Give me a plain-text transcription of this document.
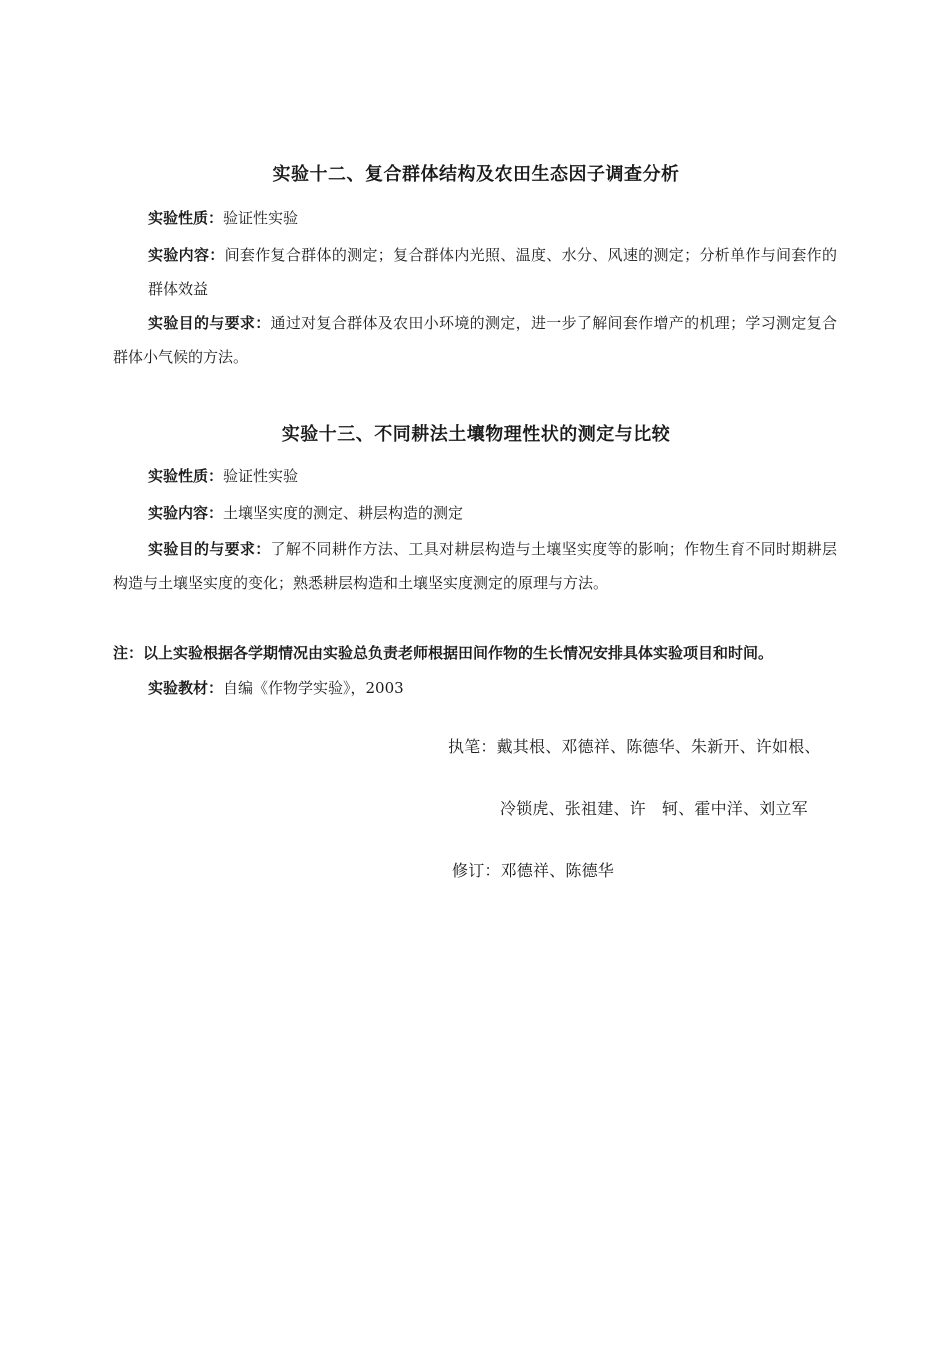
实验十二、复合群体结构及农田生态因子调查分析
实验性质：验证性实验
实验内容：间套作复合群体的测定；复合群体内光照、温度、水分、风速的测定；分析单作与间套作的群体效益
实验目的与要求：通过对复合群体及农田小环境的测定，进一步了解间套作增产的机理；学习测定复合群体小气候的方法。
实验十三、不同耕法土壤物理性状的测定与比较
实验性质：验证性实验
实验内容：土壤坚实度的测定、耕层构造的测定
实验目的与要求：了解不同耕作方法、工具对耕层构造与土壤坚实度等的影响；作物生育不同时期耕层构造与土壤坚实度的变化；熟悉耕层构造和土壤坚实度测定的原理与方法。
注：以上实验根据各学期情况由实验总负责老师根据田间作物的生长情况安排具体实验项目和时间。
实验教材：自编《作物学实验》，2003
执笔：戴其根、邓德祥、陈德华、朱新开、许如根、
冷锁虎、张祖建、许　轲、霍中洋、刘立军
修订：邓德祥、陈德华
